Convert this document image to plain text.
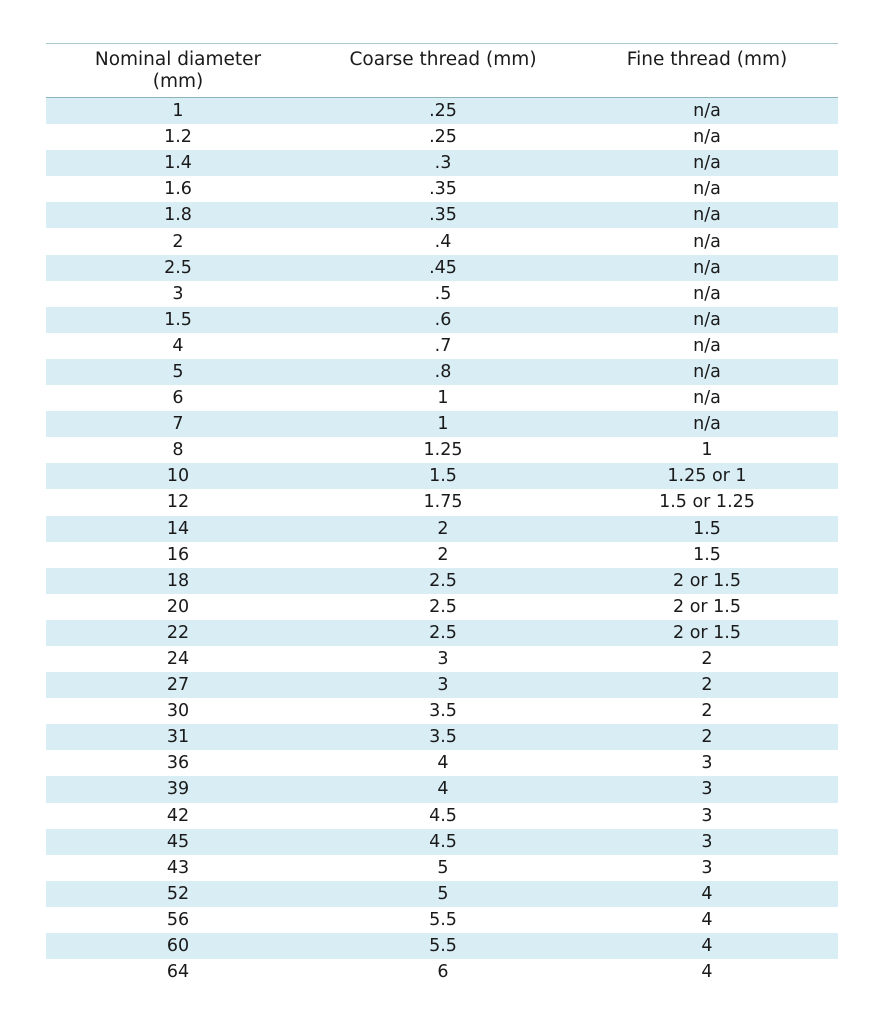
Nominal diameter
(mm)
Coarse thread (mm)	Fine thread (mm)
1	.25	n/a
1.2	.25	n/a
1.4	.3	n/a
1.6	.35	n/a
1.8	.35	n/a
2	.4	n/a
2.5	.45	n/a
3	.5	n/a
1.5	.6	n/a
4	.7	n/a
5	.8	n/a
6	1	n/a
7	1	n/a
8	1.25	1
10	1.5	1.25 or 1
12	1.75	1.5 or 1.25
14	2	1.5
16	2	1.5
18	2.5	2 or 1.5
20	2.5	2 or 1.5
22	2.5	2 or 1.5
24	3	2
27	3	2
30	3.5	2
31	3.5	2
36	4	3
39	4	3
42	4.5	3
45	4.5	3
43	5	3
52	5	4
56	5.5	4
60	5.5	4
64	6	4
